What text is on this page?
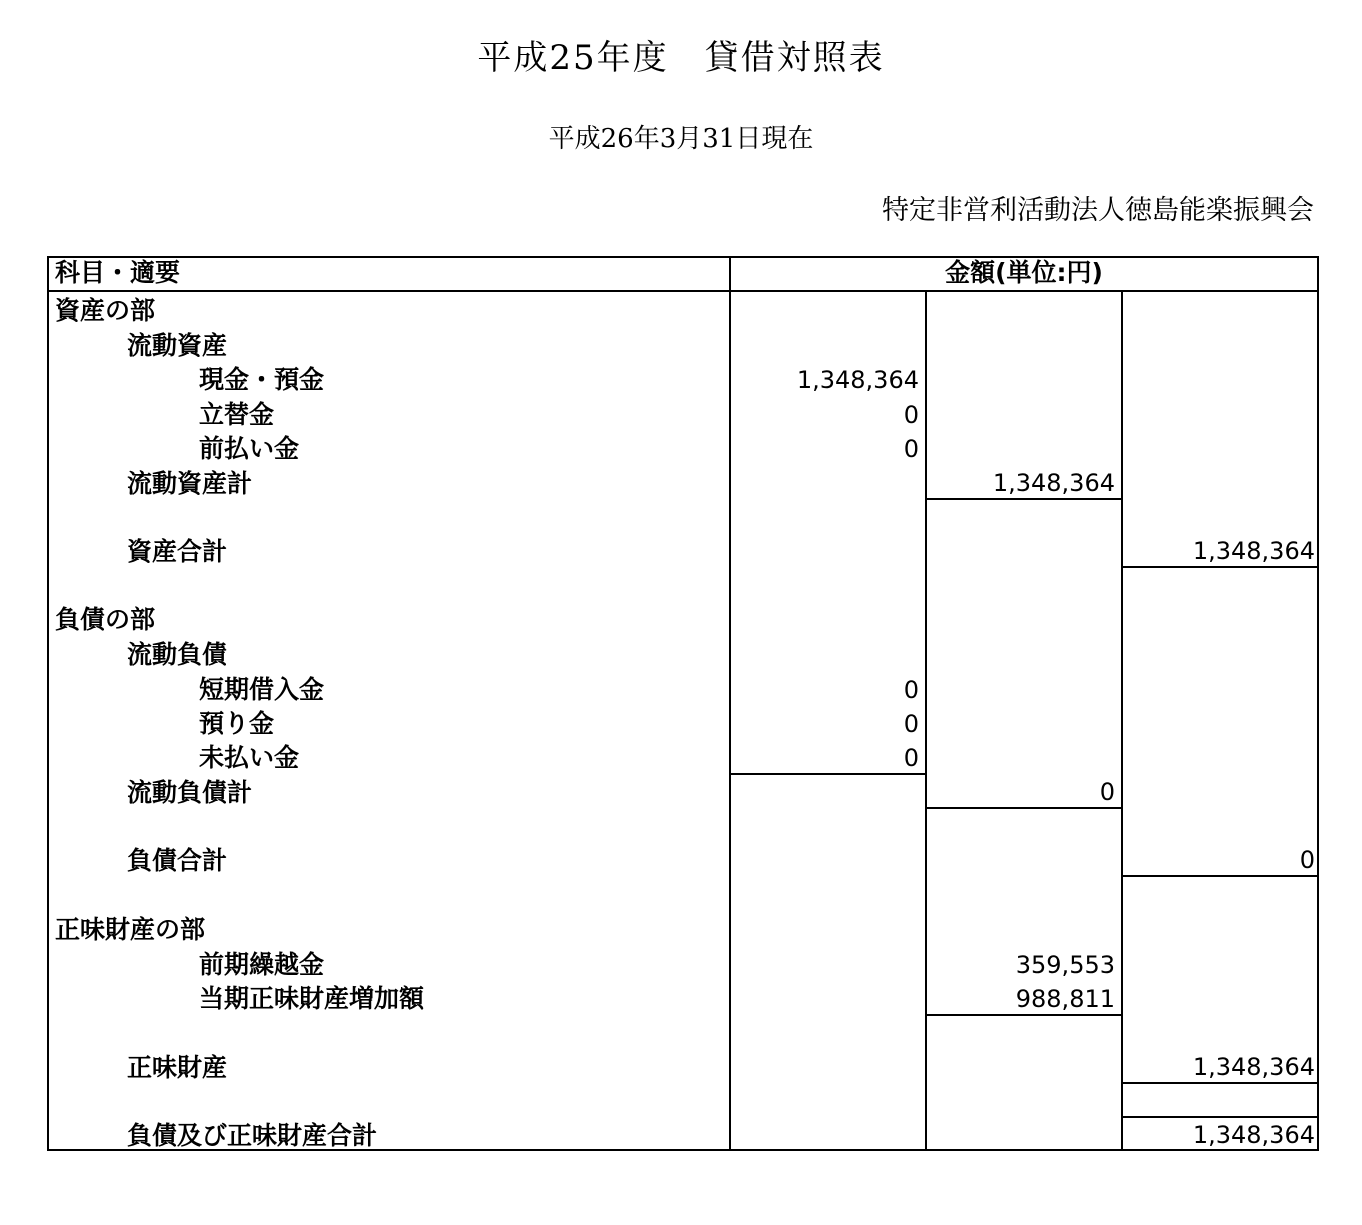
平成25年度　貸借対照表
平成26年3月31日現在
特定非営利活動法人徳島能楽振興会
科目・適要	金額(単位:円)
資産の部
流動資産
現金・預金	1,348,364
立替金	0
前払い金	0
流動資産計	1,348,364
資産合計	1,348,364
負債の部
流動負債
短期借入金	0
預り金	0
未払い金	0
流動負債計	0
負債合計	0
正味財産の部
前期繰越金	359,553
当期正味財産増加額	988,811
正味財産	1,348,364
負債及び正味財産合計	1,348,364
